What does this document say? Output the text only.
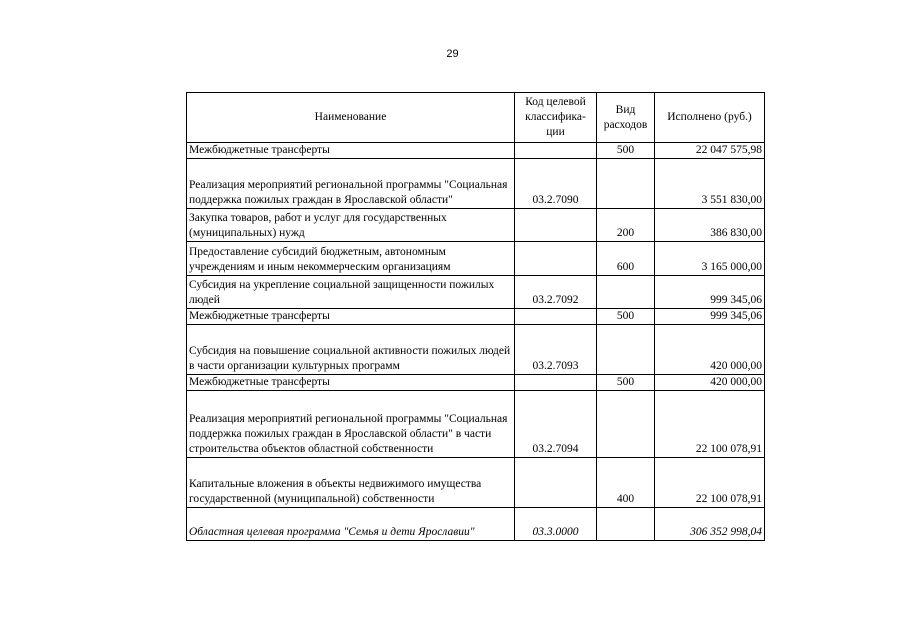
29
Наименование	Код целевой классифика-ции	Вид расходов	Исполнено (руб.)
Межбюджетные трансферты		500	22 047 575,98
Реализация мероприятий региональной программы "Социальная поддержка пожилых граждан в Ярославской области"	03.2.7090		3 551 830,00
Закупка товаров, работ и услуг для государственных (муниципальных) нужд		200	386 830,00
Предоставление субсидий бюджетным, автономным учреждениям и иным некоммерческим организациям		600	3 165 000,00
Субсидия на укрепление социальной защищенности пожилых людей	03.2.7092		999 345,06
Межбюджетные трансферты		500	999 345,06
Субсидия на повышение социальной активности пожилых людей в части организации культурных программ	03.2.7093		420 000,00
Межбюджетные трансферты		500	420 000,00
Реализация мероприятий региональной программы "Социальная поддержка пожилых граждан в Ярославской области" в части строительства объектов областной собственности	03.2.7094		22 100 078,91
Капитальные вложения в объекты недвижимого имущества государственной (муниципальной) собственности		400	22 100 078,91
Областная целевая программа "Семья и дети Ярославии"	03.3.0000		306 352 998,04
